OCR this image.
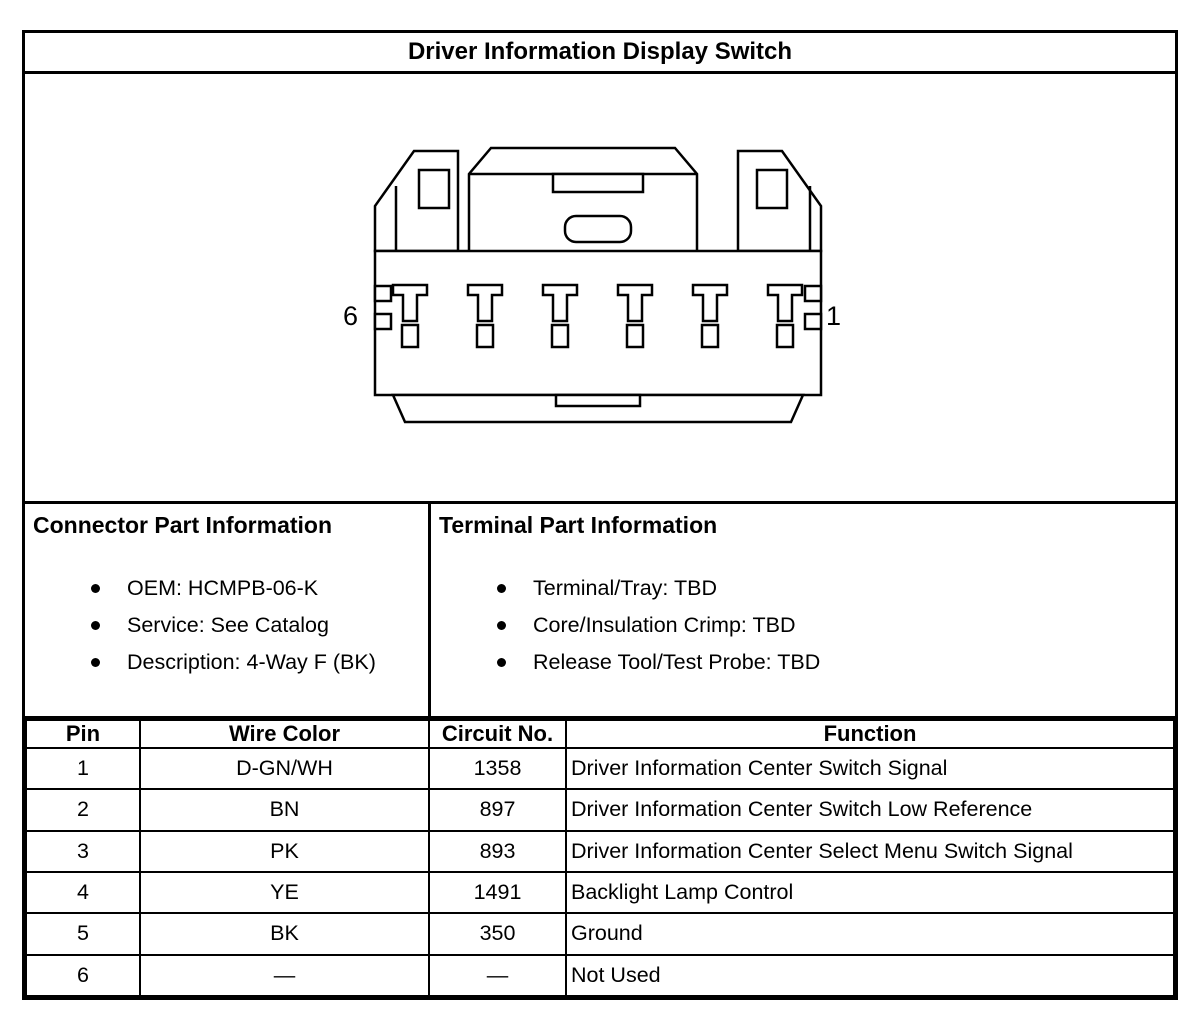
Driver Information Display Switch
6	1
Connector Part Information
OEM: HCMPB-06-K
Service: See Catalog
Description: 4-Way F (BK)
Terminal Part Information
Terminal/Tray: TBD
Core/Insulation Crimp: TBD
Release Tool/Test Probe: TBD
Pin	Wire Color	Circuit No.	Function
1	D-GN/WH	1358	Driver Information Center Switch Signal
2	BN	897	Driver Information Center Switch Low Reference
3	PK	893	Driver Information Center Select Menu Switch Signal
4	YE	1491	Backlight Lamp Control
5	BK	350	Ground
6	—	—	Not Used
